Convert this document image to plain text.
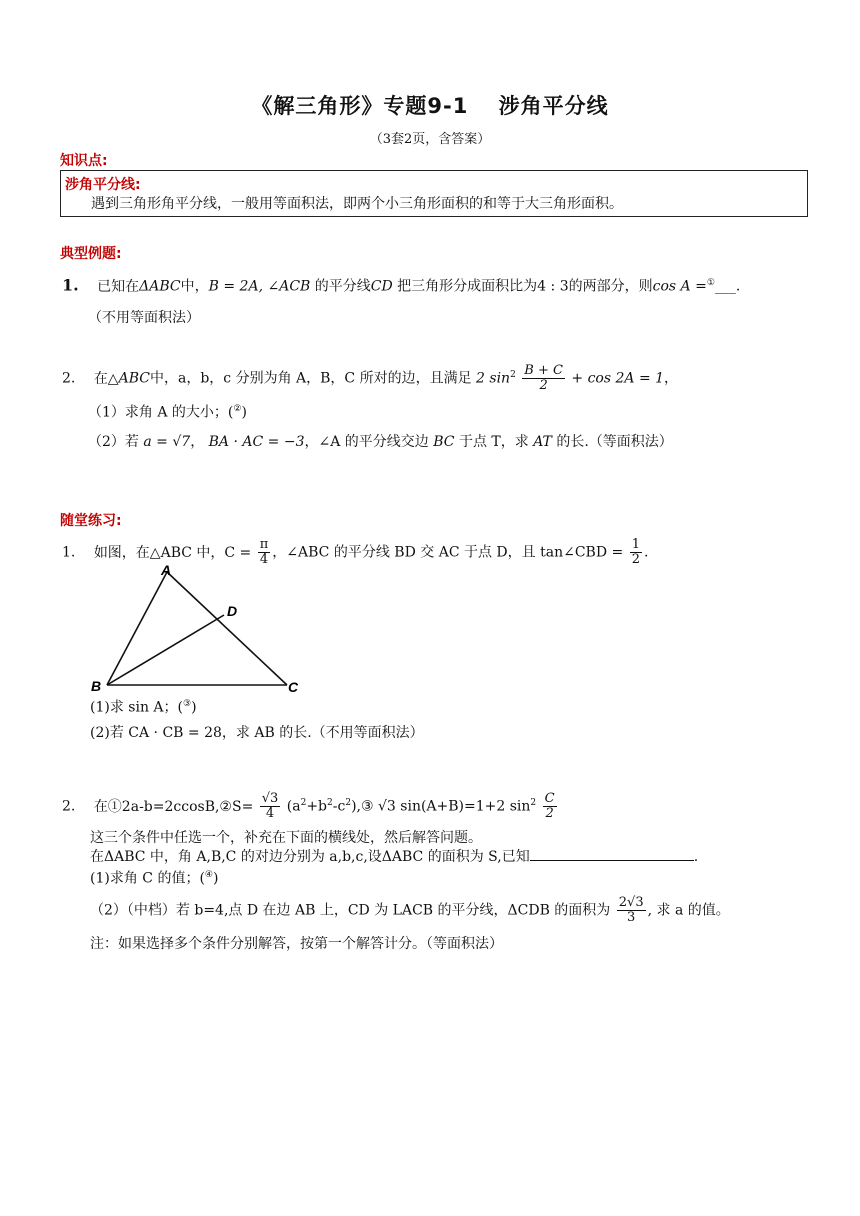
《解三角形》专题9-1　 涉角平分线
（3套2页，含答案）
知识点:
涉角平分线:
遇到三角形角平分线，一般用等面积法，即两个小三角形面积的和等于大三角形面积。
典型例题:
1. 已知在ΔABC中，B = 2A, ∠ACB 的平分线CD 把三角形分成面积比为4 : 3的两部分，则cos A =①___.
（不用等面积法）
2. 在△ABC中，a，b，c 分别为角 A，B，C 所对的边，且满足 2 $\sin^2 \frac{B + C}{2} + \cos 2A = 1$，
（1）求角 A 的大小；(②)
（2）若 a = √7， BA · AC = −3，∠A 的平分线交边 BC 于点 T，求 AT 的长.（等面积法）
随堂练习:
1. 如图，在△ABC 中，$C = \frac{\pi}{4}$ ，∠ABC 的平分线 BD 交 AC 于点 D，且 tan∠CBD = $\frac{1}{2}$ .
A
B	C
D
(1)求 sin A；(③)
(2)若 CA · CB = 28，求 AB 的长.（不用等面积法）
2. 在①2a-b=2ccosB,②S= $\frac{√3}{4}$ $(a^2+b^2-c^2),③$ √3 sin(A+B)=1+2 $\sin^2 \frac{C}{2}$
这三个条件中任选一个，补充在下面的横线处，然后解答问题。
在ΔABC 中，角 A,B,C 的对边分别为 a,b,c,设ΔABC 的面积为 S,已知	.
(1)求角 C 的值；(④)
（2）（中档）若 b=4,点 D 在边 AB 上，CD 为 LACB 的平分线，ΔCDB 的面积为 $\frac{2√3}{3}$ , 求 a 的值。
注：如果选择多个条件分别解答，按第一个解答计分。（等面积法）
